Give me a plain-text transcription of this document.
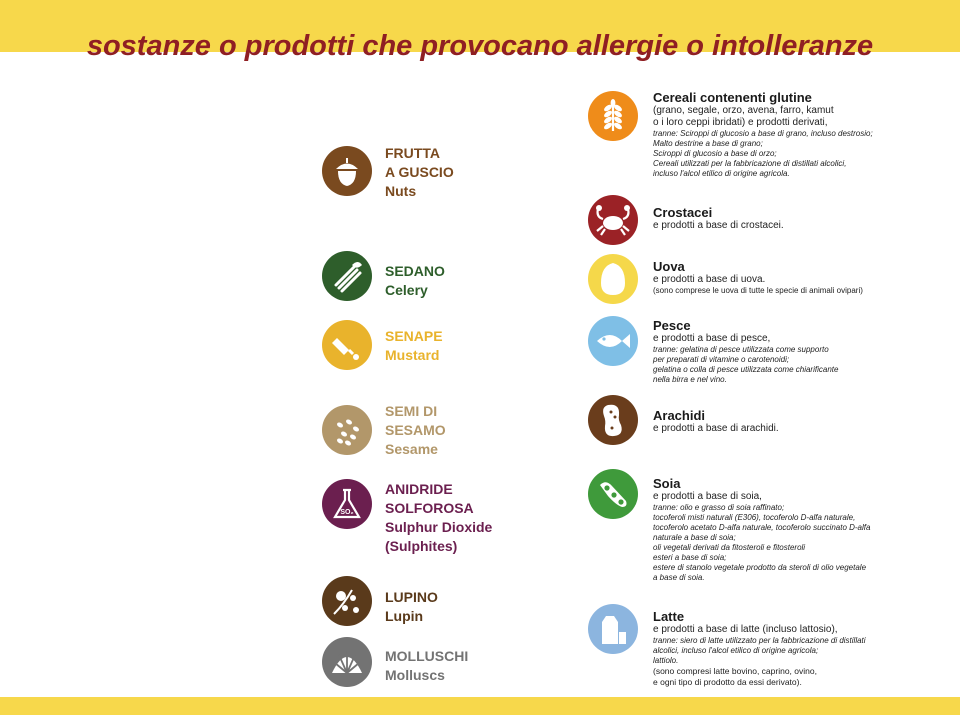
sostanze o prodotti che provocano allergie o intolleranze
FRUTTA
A GUSCIO
Nuts
SEDANO
Celery
SENAPE
Mustard
SEMI DI
SESAMO
Sesame
SO₂
ANIDRIDE
SOLFOROSA
Sulphur Dioxide
(Sulphites)
LUPINO
Lupin
MOLLUSCHI
Molluscs
Cereali contenenti glutine
(grano, segale, orzo, avena, farro, kamut
o i loro ceppi ibridati) e prodotti derivati,
tranne: Sciroppi di glucosio a base di grano, incluso destrosio;
Malto destrine a base di grano;
Sciroppi di glucosio a base di orzo;
Cereali utilizzati per la fabbricazione di distillati alcolici,
incluso l'alcol etilico di origine agricola.
Crostacei
e prodotti a base di crostacei.
Uova
e prodotti a base di uova.
(sono comprese le uova di tutte le specie di animali ovipari)
Pesce
e prodotti a base di pesce,
tranne: gelatina di pesce utilizzata come supporto
per preparati di vitamine o carotenoidi;
gelatina o colla di pesce utilizzata come chiarificante
nella birra e nel vino.
Arachidi
e prodotti a base di arachidi.
Soia
e prodotti a base di soia,
tranne: olio e grasso di soia raffinato;
tocoferoli misti naturali (E306), tocoferolo D-alfa naturale,
tocoferolo acetato D-alfa naturale, tocoferolo succinato D-alfa
naturale a base di soia;
oli vegetali derivati da fitosteroli e fitosteroli
esteri a base di soia;
estere di stanolo vegetale prodotto da steroli di olio vegetale
a base di soia.
Latte
e prodotti a base di latte (incluso lattosio),
tranne: siero di latte utilizzato per la fabbricazione di distillati
alcolici, incluso l'alcol etilico di origine agricola;
lattiolo.
(sono compresi latte bovino, caprino, ovino,
e ogni tipo di prodotto da essi derivato).
